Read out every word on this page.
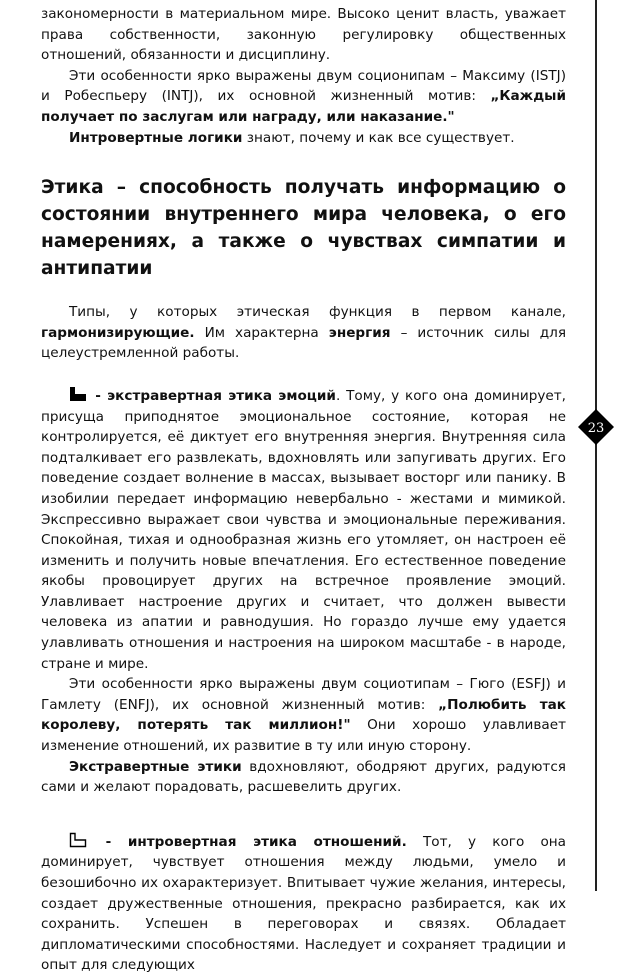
23

закономерности в материальном мире. Высоко ценит власть, уважает права собственности, законную регулировку общественных отношений, обязанности и дисциплину.

Эти особенности ярко выражены двум соционипам – Максиму (ISTJ) и Робеспьеру (INTJ), их основной жизненный мотив: „Каждый получает по заслугам или награду, или наказание."

Интровертные логики знают, почему и как все существует.

Этика – способность получать информацию о состоянии внутреннего мира человека, о его намерениях, а также о чувствах симпатии и антипатии

Типы, у которых этическая функция в первом канале, гармонизирующие. Им характерна энергия – источник силы для целеустремленной работы.

- экстравертная этика эмоций. Тому, у кого она доминирует, присуща приподнятое эмоциональное состояние, которая не контролируется, её диктует его внутренняя энергия. Внутренняя сила подталкивает его развлекать, вдохновлять или запугивать других. Его поведение создает волнение в массах, вызывает восторг или панику. В изобилии передает информацию невербально - жестами и мимикой. Экспрессивно выражает свои чувства и эмоциональные переживания. Спокойная, тихая и однообразная жизнь его утомляет, он настроен её изменить и получить новые впечатления. Его естественное поведение якобы провоцирует других на встречное проявление эмоций. Улавливает настроение других и считает, что должен вывести человека из апатии и равнодушия. Но гораздо лучше ему удается улавливать отношения и настроения на широком масштабе - в народе, стране и мире.

Эти особенности ярко выражены двум социотипам – Гюго (ESFJ) и Гамлету (ENFJ), их основной жизненный мотив: „Полюбить так королеву, потерять так миллион!" Они хорошо улавливает изменение отношений, их развитие в ту или иную сторону.

Экстравертные этики вдохновляют, ободряют других, радуются сами и желают порадовать, расшевелить других.

- интровертная этика отношений. Тот, у кого она доминирует, чувствует отношения между людьми, умело и безошибочно их охарактеризует. Впитывает чужие желания, интересы, создает дружественные отношения, прекрасно разбирается, как их сохранить. Успешен в переговорах и связях. Обладает дипломатическими способностями. Наследует и сохраняет традиции и опыт для следующих
